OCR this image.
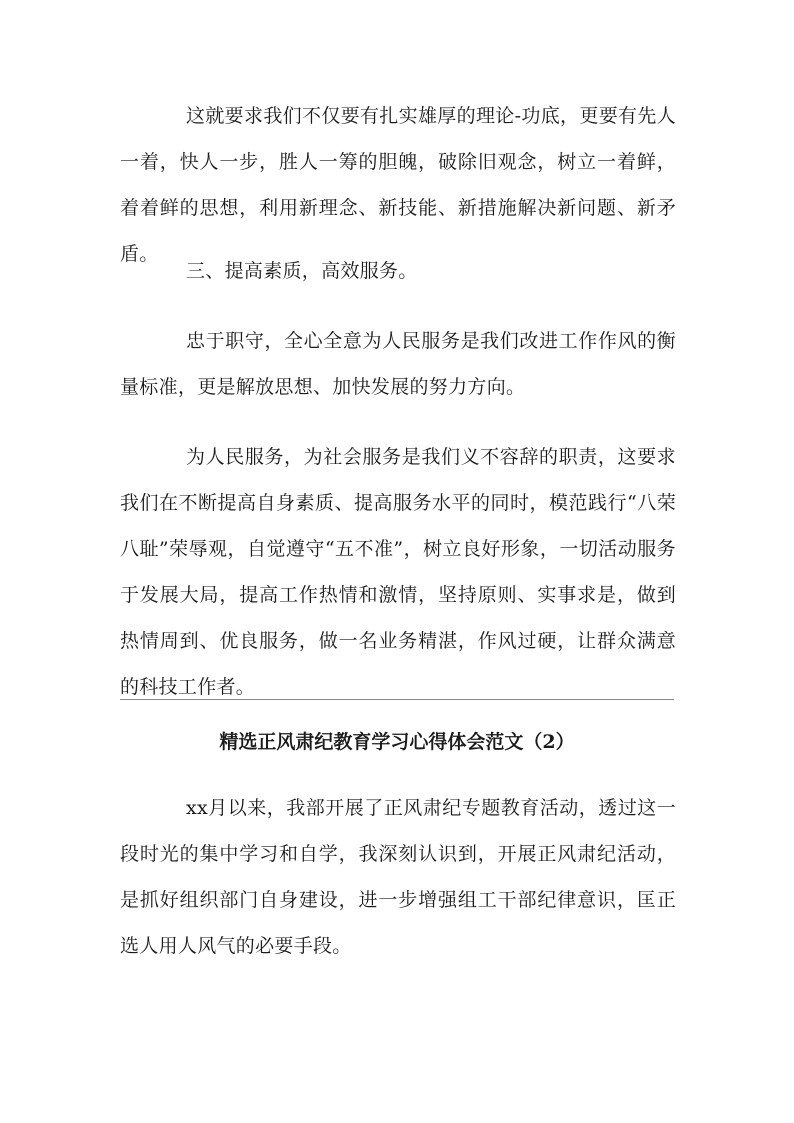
这就要求我们不仅要有扎实雄厚的理论-功底，更要有先人一着，快人一步，胜人一筹的胆魄，破除旧观念，树立一着鲜，着着鲜的思想，利用新理念、新技能、新措施解决新问题、新矛盾。

三、提高素质，高效服务。

忠于职守，全心全意为人民服务是我们改进工作作风的衡量标准，更是解放思想、加快发展的努力方向。

为人民服务，为社会服务是我们义不容辞的职责，这要求我们在不断提高自身素质、提高服务水平的同时，模范践行“八荣八耻”荣辱观，自觉遵守“五不准”，树立良好形象，一切活动服务于发展大局，提高工作热情和激情，坚持原则、实事求是，做到热情周到、优良服务，做一名业务精湛，作风过硬，让群众满意的科技工作者。

精选正风肃纪教育学习心得体会范文（2）

xx月以来，我部开展了正风肃纪专题教育活动，透过这一段时光的集中学习和自学，我深刻认识到，开展正风肃纪活动，是抓好组织部门自身建设，进一步增强组工干部纪律意识，匡正选人用人风气的必要手段。
